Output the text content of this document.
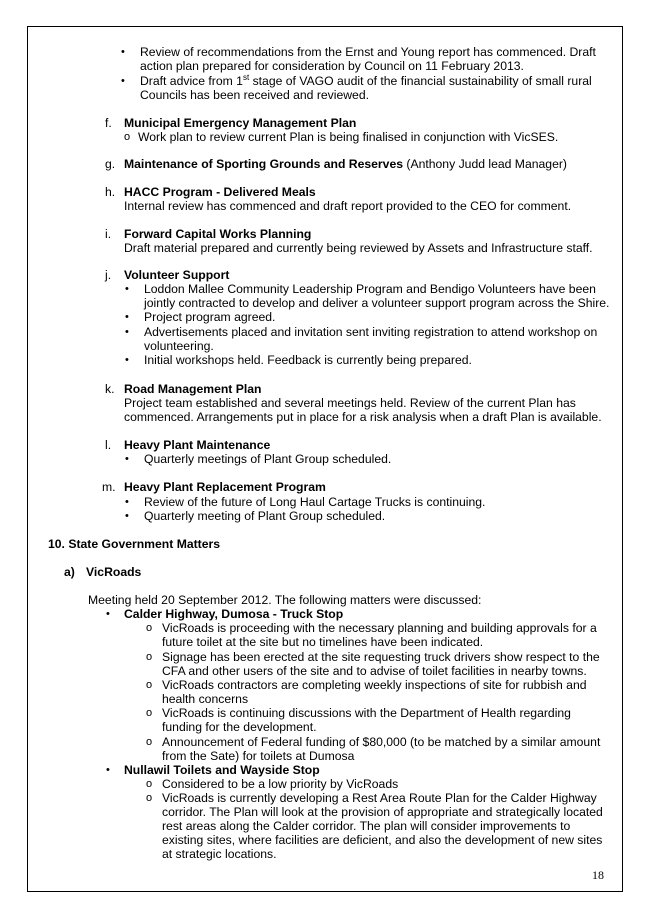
• Review of recommendations from the Ernst and Young report has commenced. Draft
action plan prepared for consideration by Council on 11 February 2013.
• Draft advice from 1st stage of VAGO audit of the financial sustainability of small rural
Councils has been received and reviewed.
f. Municipal Emergency Management Plan
o Work plan to review current Plan is being finalised in conjunction with VicSES.
g. Maintenance of Sporting Grounds and Reserves (Anthony Judd lead Manager)
h. HACC Program - Delivered Meals
Internal review has commenced and draft report provided to the CEO for comment.
i. Forward Capital Works Planning
Draft material prepared and currently being reviewed by Assets and Infrastructure staff.
j. Volunteer Support
• Loddon Mallee Community Leadership Program and Bendigo Volunteers have been
jointly contracted to develop and deliver a volunteer support program across the Shire.
• Project program agreed.
• Advertisements placed and invitation sent inviting registration to attend workshop on
volunteering.
• Initial workshops held. Feedback is currently being prepared.
k. Road Management Plan
Project team established and several meetings held. Review of the current Plan has
commenced. Arrangements put in place for a risk analysis when a draft Plan is available.
l. Heavy Plant Maintenance
• Quarterly meetings of Plant Group scheduled.
m. Heavy Plant Replacement Program
• Review of the future of Long Haul Cartage Trucks is continuing.
• Quarterly meeting of Plant Group scheduled.
10. State Government Matters
a) VicRoads
Meeting held 20 September 2012. The following matters were discussed:
• Calder Highway, Dumosa - Truck Stop
o VicRoads is proceeding with the necessary planning and building approvals for a
future toilet at the site but no timelines have been indicated.
o Signage has been erected at the site requesting truck drivers show respect to the
CFA and other users of the site and to advise of toilet facilities in nearby towns.
o VicRoads contractors are completing weekly inspections of site for rubbish and
health concerns
o VicRoads is continuing discussions with the Department of Health regarding
funding for the development.
o Announcement of Federal funding of $80,000 (to be matched by a similar amount
from the Sate) for toilets at Dumosa
• Nullawil Toilets and Wayside Stop
o Considered to be a low priority by VicRoads
o VicRoads is currently developing a Rest Area Route Plan for the Calder Highway
corridor. The Plan will look at the provision of appropriate and strategically located
rest areas along the Calder corridor. The plan will consider improvements to
existing sites, where facilities are deficient, and also the development of new sites
at strategic locations.
18
